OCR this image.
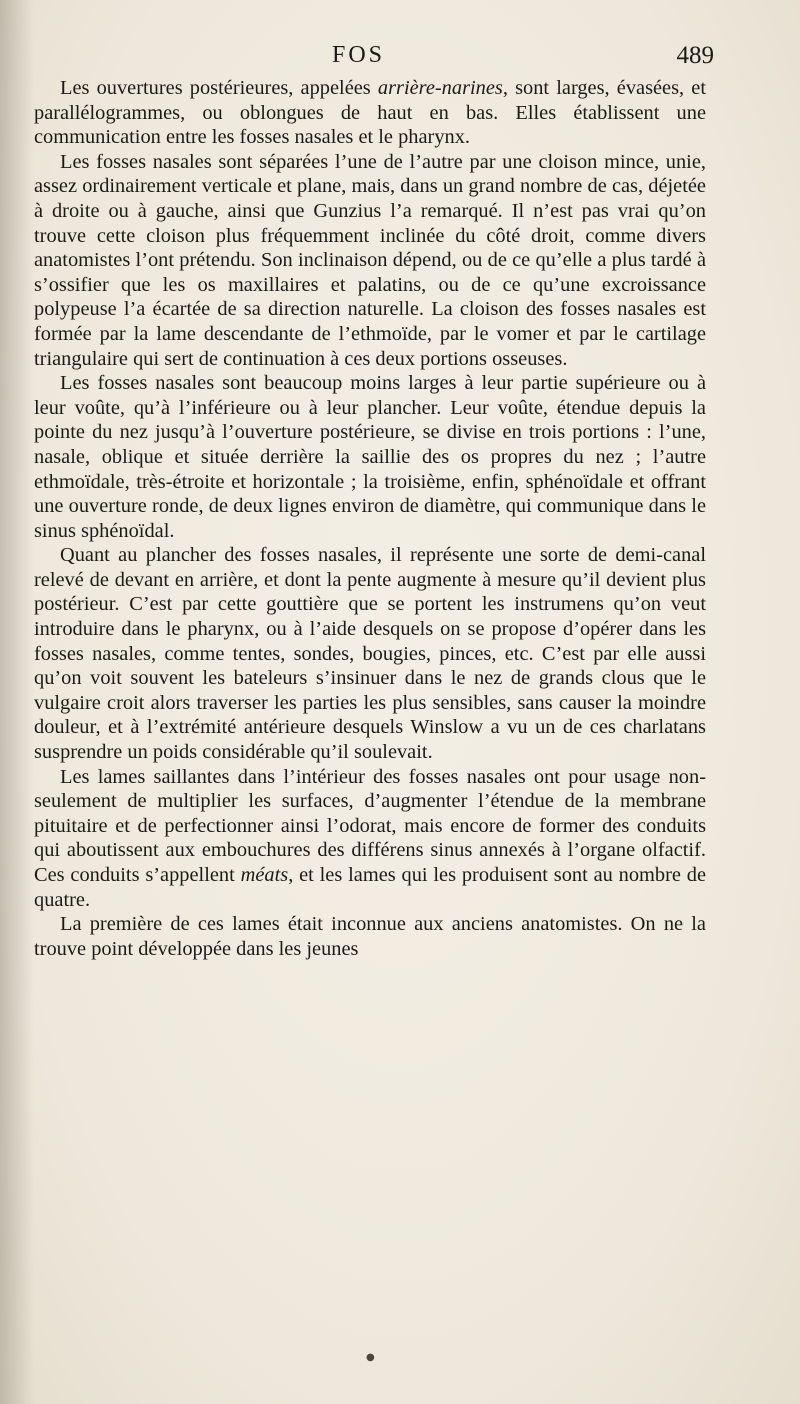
FOS	489

Les ouvertures postérieures, appelées arrière-narines, sont larges, évasées, et parallélogrammes, ou oblongues de haut en bas. Elles établissent une communication entre les fosses nasales et le pharynx.

Les fosses nasales sont séparées l’une de l’autre par une cloison mince, unie, assez ordinairement verticale et plane, mais, dans un grand nombre de cas, déjetée à droite ou à gauche, ainsi que Gunzius l’a remarqué. Il n’est pas vrai qu’on trouve cette cloison plus fréquemment inclinée du côté droit, comme divers anatomistes l’ont prétendu. Son inclinaison dépend, ou de ce qu’elle a plus tardé à s’ossifier que les os maxillaires et palatins, ou de ce qu’une excroissance polypeuse l’a écartée de sa direction naturelle. La cloison des fosses nasales est formée par la lame descendante de l’ethmoïde, par le vomer et par le cartilage triangulaire qui sert de continuation à ces deux portions osseuses.

Les fosses nasales sont beaucoup moins larges à leur partie supérieure ou à leur voûte, qu’à l’inférieure ou à leur plancher. Leur voûte, étendue depuis la pointe du nez jusqu’à l’ouverture postérieure, se divise en trois portions : l’une, nasale, oblique et située derrière la saillie des os propres du nez ; l’autre ethmoïdale, très-étroite et horizontale ; la troisième, enfin, sphénoïdale et offrant une ouverture ronde, de deux lignes environ de diamètre, qui communique dans le sinus sphénoïdal.

Quant au plancher des fosses nasales, il représente une sorte de demi-canal relevé de devant en arrière, et dont la pente augmente à mesure qu’il devient plus postérieur. C’est par cette gouttière que se portent les instrumens qu’on veut introduire dans le pharynx, ou à l’aide desquels on se propose d’opérer dans les fosses nasales, comme tentes, sondes, bougies, pinces, etc. C’est par elle aussi qu’on voit souvent les bateleurs s’insinuer dans le nez de grands clous que le vulgaire croit alors traverser les parties les plus sensibles, sans causer la moindre douleur, et à l’extrémité antérieure desquels Winslow a vu un de ces charlatans susprendre un poids considérable qu’il soulevait.

Les lames saillantes dans l’intérieur des fosses nasales ont pour usage non-seulement de multiplier les surfaces, d’augmenter l’étendue de la membrane pituitaire et de perfectionner ainsi l’odorat, mais encore de former des conduits qui aboutissent aux embouchures des différens sinus annexés à l’organe olfactif. Ces conduits s’appellent méats, et les lames qui les produisent sont au nombre de quatre.

La première de ces lames était inconnue aux anciens anatomistes. On ne la trouve point développée dans les jeunes

●
